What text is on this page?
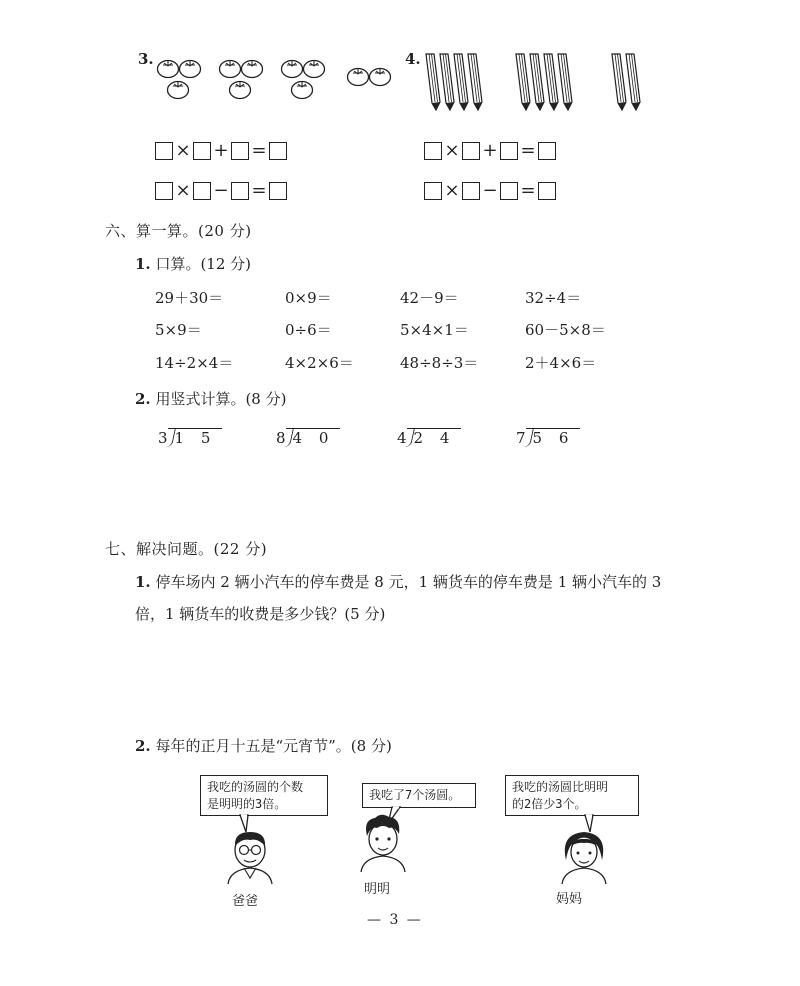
3.	4.
× + =
× − =
× + =
× − =
六、算一算。(20 分)
1. 口算。(12 分)
29＋30＝	0×9＝	42－9＝	32÷4＝
5×9＝	0÷6＝	5×4×1＝	60－5×8＝
14÷2×4＝	4×2×6＝	48÷8÷3＝	2＋4×6＝
2. 用竖式计算。(8 分)
3 1 5	8 4 0	4 2 4	7 5 6
七、解决问题。(22 分)
1. 停车场内 2 辆小汽车的停车费是 8 元，1 辆货车的停车费是 1 辆小汽车的 3
倍，1 辆货车的收费是多少钱？(5 分)
2. 每年的正月十五是“元宵节”。(8 分)
我吃的汤圆的个数
是明明的3倍。
我吃了7个汤圆。
我吃的汤圆比明明
的2倍少3个。
爸爸
明明
妈妈
— 3 —
